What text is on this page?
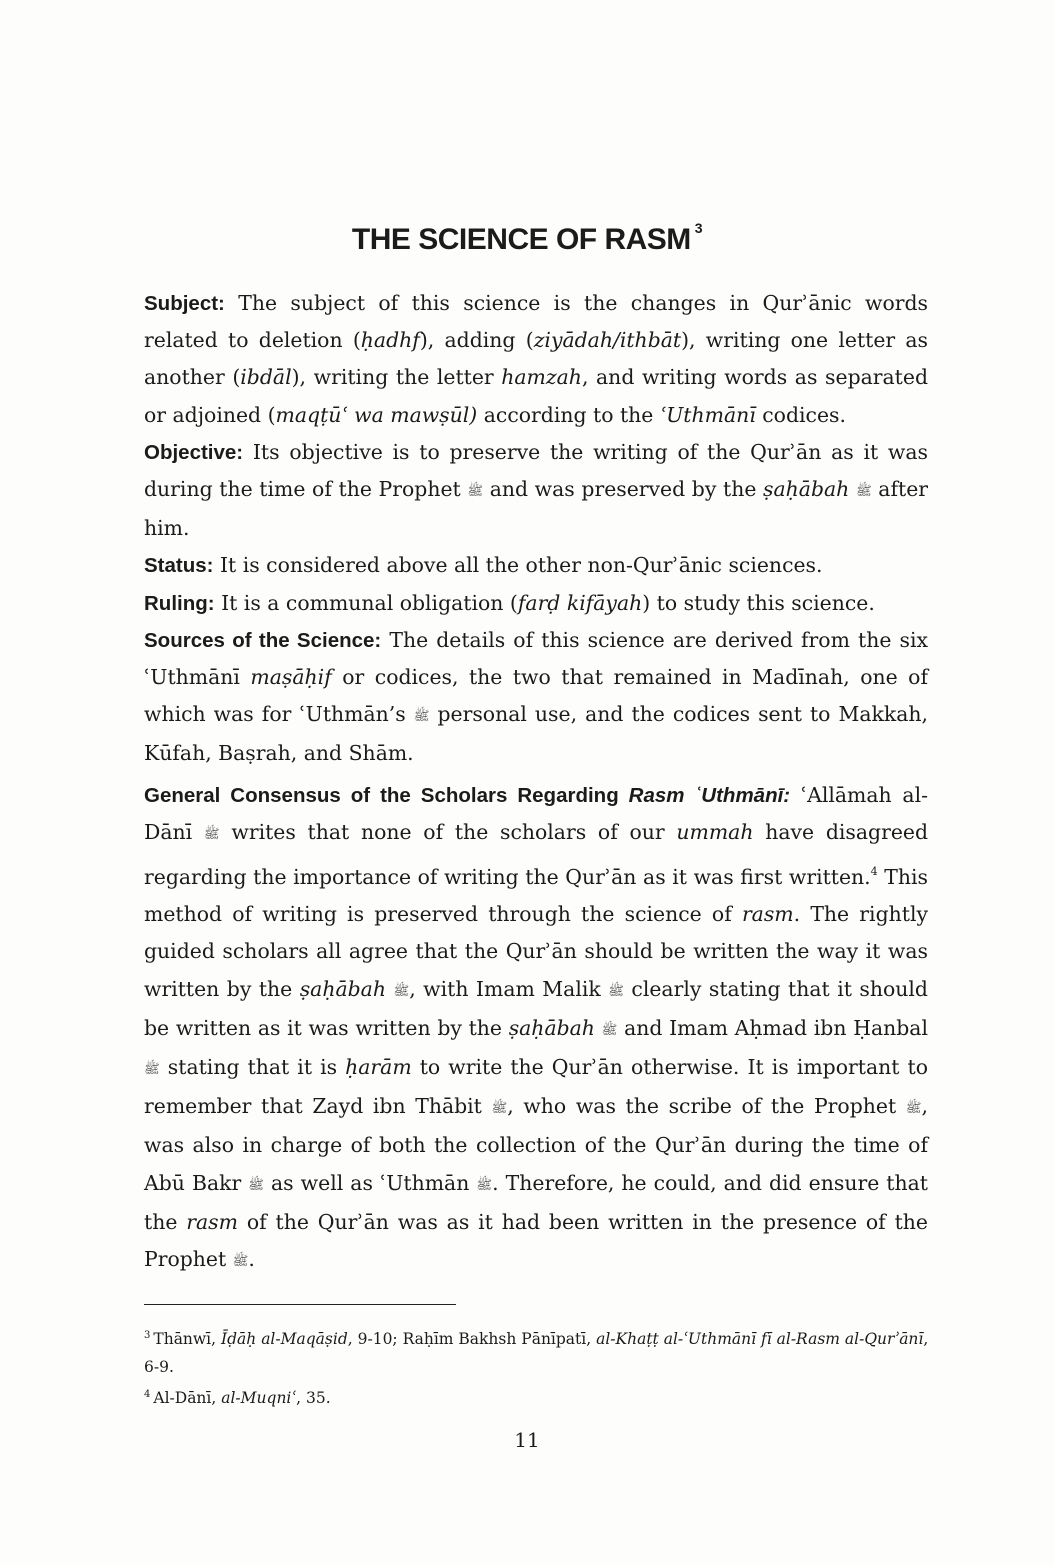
THE SCIENCE OF RASM $^3$

Subject: The subject of this science is the changes in Qurʾānic words related to deletion (ḥadhf), adding (ziyādah/ithbāt), writing one letter as another (ibdāl), writing the letter hamzah, and writing words as separated or adjoined (maqṭūʿ wa mawṣūl) according to the ʿUthmānī codices.

Objective: Its objective is to preserve the writing of the Qurʾān as it was during the time of the Prophet ﷺ and was preserved by the ṣaḥābah ﷺ after him.

Status: It is considered above all the other non-Qurʾānic sciences.

Ruling: It is a communal obligation (farḍ kifāyah) to study this science.

Sources of the Science: The details of this science are derived from the six ʿUthmānī maṣāḥif or codices, the two that remained in Madīnah, one of which was for ʿUthmān’s ﷺ personal use, and the codices sent to Makkah, Kūfah, Baṣrah, and Shām.

General Consensus of the Scholars Regarding Rasm ʿUthmānī: ʿAllāmah al-Dānī ﷺ writes that none of the scholars of our ummah have disagreed regarding the importance of writing the Qurʾān as it was first written.$^4$ This method of writing is preserved through the science of rasm. The rightly guided scholars all agree that the Qurʾān should be written the way it was written by the ṣaḥābah ﷺ, with Imam Malik ﷺ clearly stating that it should be written as it was written by the ṣaḥābah ﷺ and Imam Aḥmad ibn Ḥanbal ﷺ stating that it is ḥarām to write the Qurʾān otherwise. It is important to remember that Zayd ibn Thābit ﷺ, who was the scribe of the Prophet ﷺ, was also in charge of both the collection of the Qurʾān during the time of Abū Bakr ﷺ as well as ʿUthmān ﷺ. Therefore, he could, and did ensure that the rasm of the Qurʾān was as it had been written in the presence of the Prophet ﷺ.

$^3$ Thānwī, Īḍāḥ al-Maqāṣid, 9-10; Raḥīm Bakhsh Pānīpatī, al-Khaṭṭ al-ʿUthmānī fī al-Rasm al-Qurʾānī, 6-9.

$^4$ Al-Dānī, al-Muqniʿ, 35.

11
